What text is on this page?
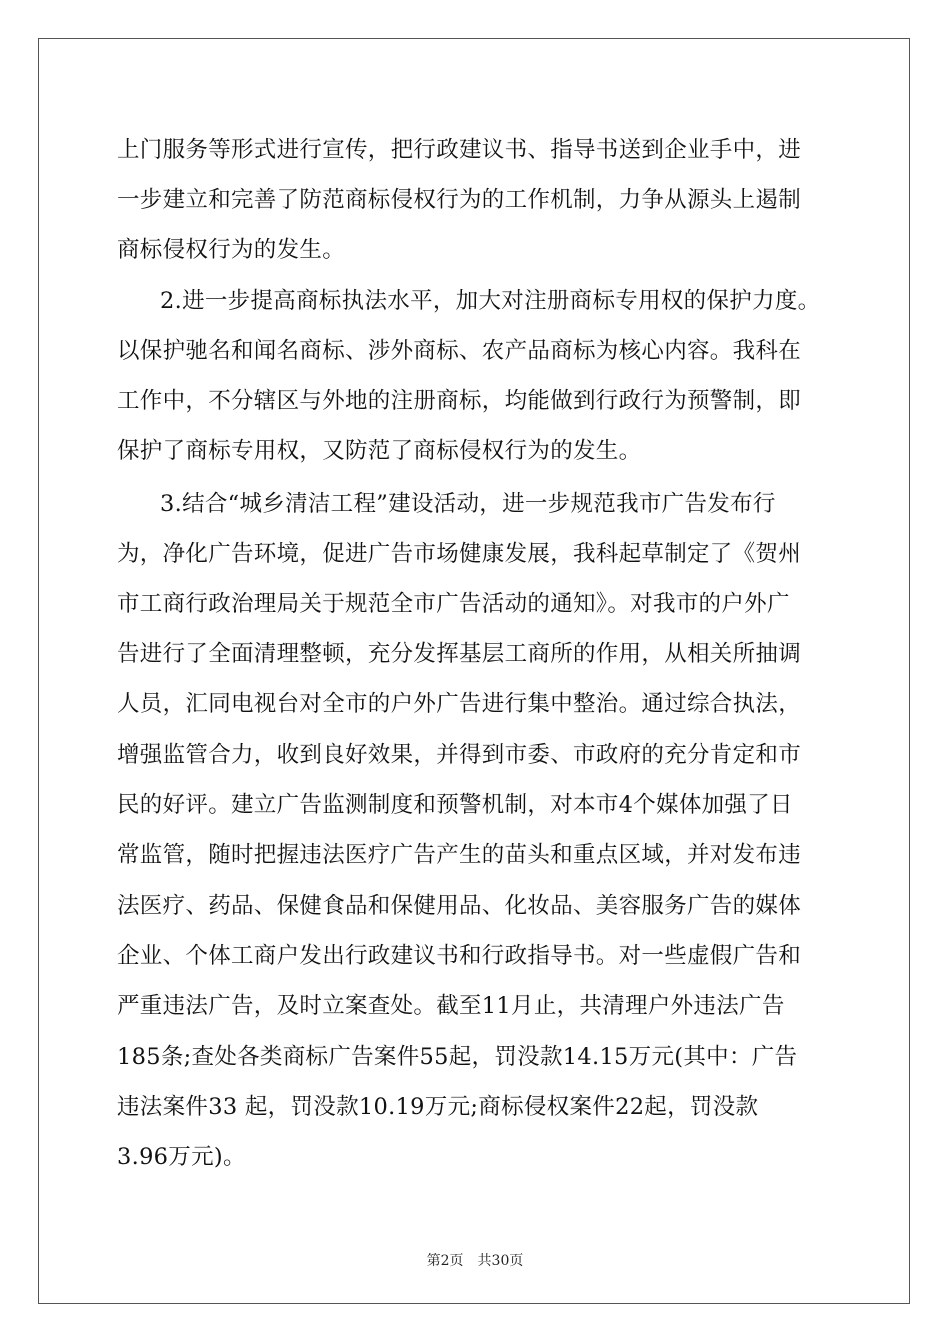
上门服务等形式进行宣传，把行政建议书、指导书送到企业手中，进
一步建立和完善了防范商标侵权行为的工作机制，力争从源头上遏制
商标侵权行为的发生。
2.进一步提高商标执法水平，加大对注册商标专用权的保护力度。
以保护驰名和闻名商标、涉外商标、农产品商标为核心内容。我科在
工作中，不分辖区与外地的注册商标，均能做到行政行为预警制，即
保护了商标专用权，又防范了商标侵权行为的发生。
3.结合“城乡清洁工程”建设活动，进一步规范我市广告发布行
为，净化广告环境，促进广告市场健康发展，我科起草制定了《贺州
市工商行政治理局关于规范全市广告活动的通知》。对我市的户外广
告进行了全面清理整顿，充分发挥基层工商所的作用，从相关所抽调
人员，汇同电视台对全市的户外广告进行集中整治。通过综合执法，
增强监管合力，收到良好效果，并得到市委、市政府的充分肯定和市
民的好评。建立广告监测制度和预警机制，对本市4个媒体加强了日
常监管，随时把握违法医疗广告产生的苗头和重点区域，并对发布违
法医疗、药品、保健食品和保健用品、化妆品、美容服务广告的媒体
企业、个体工商户发出行政建议书和行政指导书。对一些虚假广告和
严重违法广告，及时立案查处。截至11月止，共清理户外违法广告
185条;查处各类商标广告案件55起，罚没款14.15万元(其中：广告
违法案件33 起，罚没款10.19万元;商标侵权案件22起，罚没款
3.96万元)。
第2页 共30页
